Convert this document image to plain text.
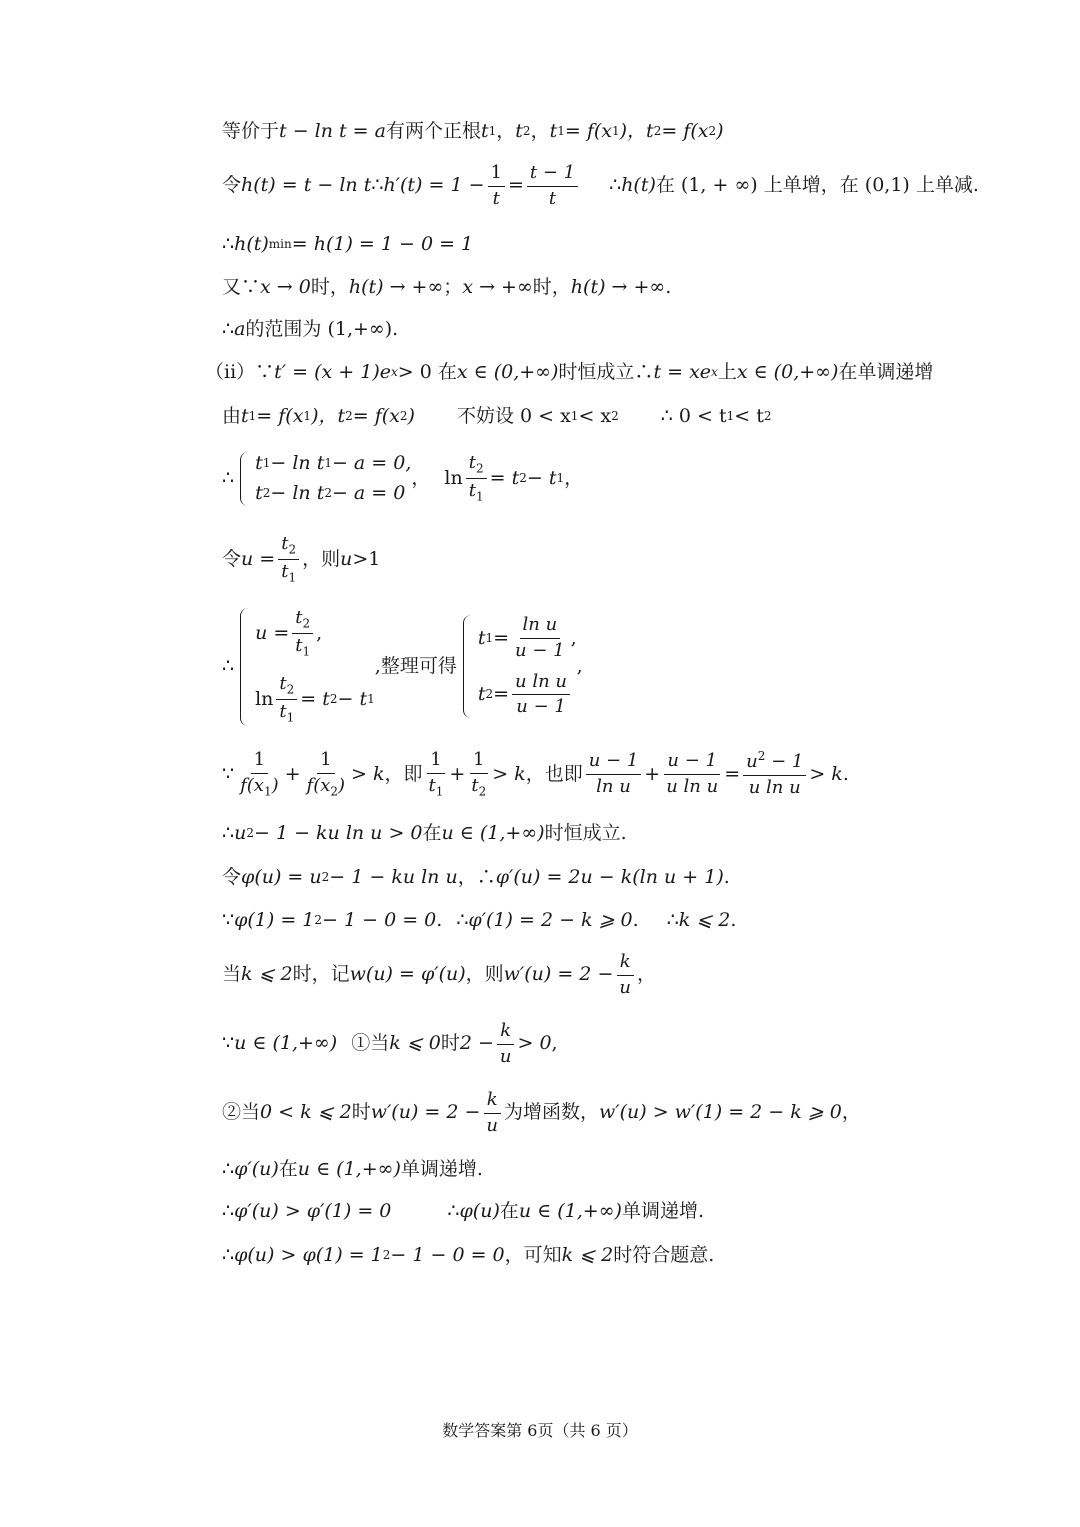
等价于 t − ln t = a 有两个正根 t 1 ， t 2 ， t 1 = f(x 1 )， t 2 = f(x 2 )
令 h(t) = t − ln t ∴ $h'(t) = 1 - \frac{1}{t} = \frac{t - 1}{t}$ ∴ h(t) 在 (1, + ∞) 上单增，在 (0,1) 上单减.
∴ h(t) min = h(1) = 1 − 0 = 1
又∵ x → 0 时， h(t) → +∞ ； x → +∞ 时， h(t) → +∞ .
∴ a 的范围为 (1,+∞).
（ii）∵ t′ = (x + 1)e x > 0 在 x ∈ (0,+∞) 时恒成立∴ t = xe x 上 x ∈ (0,+∞) 在单调递增
由 t 1 = f(x 1 )， t 2 = f(x 2 ) 不妨设 0 < x 1 < x 2 ∴ 0 < t 1 < t 2
∴
t 1 − ln t 1 − a = 0,
t 2 − ln t 2 − a = 0
， $\ln \frac{t_2}{t_1} = t$ 2 − t 1 ，
令 $u = \frac{t_2}{t_1}$ ，则 u >1
∴
$u = \frac{t_2}{t_1}$ ,
$\ln \frac{t_2}{t_1} = t$ 2 − t 1
,整理可得
t $1 = \frac{\text{ln u}}{u - 1}$ ,
t $2 = \frac{\text{u ln u}}{u - 1}$
,
∵ $\frac{1}{f(x_1)} + \frac{1}{f(x_2)} > k$ ，即 $\frac{1}{t_1} + \frac{1}{t_2} > k$ ，也即 $\frac{u - 1}{\text{ln u}} + \frac{u - 1}{\text{u ln u}} = \frac{u^2 - 1}{\text{u ln u}} > k$ .
∴ u 2 − 1 − ku ln u > 0 在 u ∈ (1,+∞) 时恒成立.
令 φ(u) = u 2 − 1 − ku ln u ，∴ φ′(u) = 2u − k(ln u + 1) .
∵ φ(1) = 1 2 − 1 − 0 = 0 . ∴ φ′(1) = 2 − k ⩾ 0 . ∴ k ⩽ 2 .
当 k ⩽ 2 时，记 w(u) = φ′(u) ，则 $w'(u) = 2 - \frac{k}{u}$ ，
∵ u ∈ (1,+∞) ①当 k ⩽ 0 时 $2 - \frac{k}{u} > 0$ ,
②当 0 < k ⩽ 2 时 $w'(u) = 2 - \frac{k}{u}$ 为增函数， w′(u) > w′(1) = 2 − k ⩾ 0 ，
∴ φ′(u) 在 u ∈ (1,+∞) 单调递增.
∴ φ′(u) > φ′(1) = 0	∴ φ(u) 在 u ∈ (1,+∞) 单调递增.
∴ φ(u) > φ(1) = 1 2 − 1 − 0 = 0 ，可知 k ⩽ 2 时符合题意.
数学答案第 6页（共 6 页）
